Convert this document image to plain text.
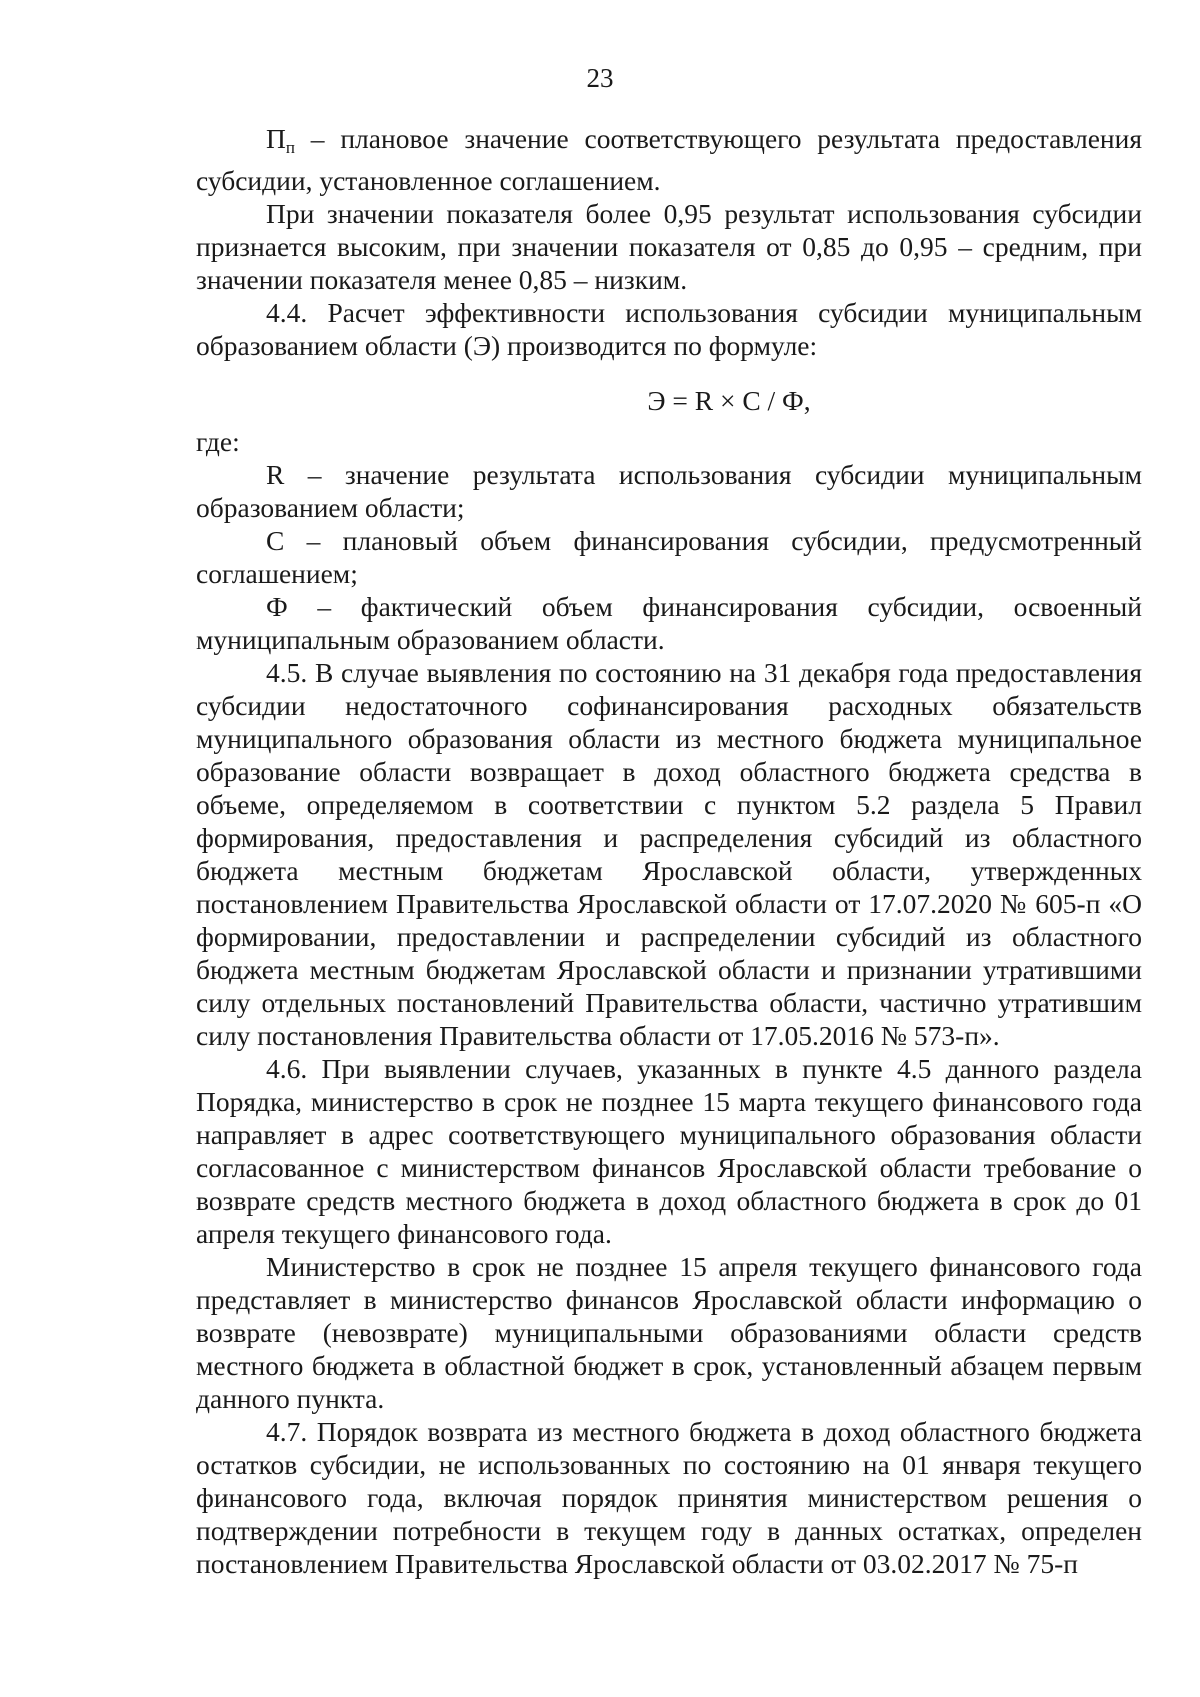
23

$П_п$ – плановое значение соответствующего результата предоставления субсидии, установленное соглашением.

При значении показателя более 0,95 результат использования субсидии признается высоким, при значении показателя от 0,85 до 0,95 – средним, при значении показателя менее 0,85 – низким.

4.4. Расчет эффективности использования субсидии муниципальным образованием области (Э) производится по формуле:

Э = R × C / Ф,

где:

R – значение результата использования субсидии муниципальным образованием области;

С – плановый объем финансирования субсидии, предусмотренный соглашением;

Ф – фактический объем финансирования субсидии, освоенный муниципальным образованием области.

4.5. В случае выявления по состоянию на 31 декабря года предоставления субсидии недостаточного софинансирования расходных обязательств муниципального образования области из местного бюджета муниципальное образование области возвращает в доход областного бюджета средства в объеме, определяемом в соответствии с пунктом 5.2 раздела 5 Правил формирования, предоставления и распределения субсидий из областного бюджета местным бюджетам Ярославской области, утвержденных постановлением Правительства Ярославской области от 17.07.2020 № 605-п «О формировании, предоставлении и распределении субсидий из областного бюджета местным бюджетам Ярославской области и признании утратившими силу отдельных постановлений Правительства области, частично утратившим силу постановления Правительства области от 17.05.2016 № 573-п».

4.6. При выявлении случаев, указанных в пункте 4.5 данного раздела Порядка, министерство в срок не позднее 15 марта текущего финансового года направляет в адрес соответствующего муниципального образования области согласованное с министерством финансов Ярославской области требование о возврате средств местного бюджета в доход областного бюджета в срок до 01 апреля текущего финансового года.

Министерство в срок не позднее 15 апреля текущего финансового года представляет в министерство финансов Ярославской области информацию о возврате (невозврате) муниципальными образованиями области средств местного бюджета в областной бюджет в срок, установленный абзацем первым данного пункта.

4.7. Порядок возврата из местного бюджета в доход областного бюджета остатков субсидии, не использованных по состоянию на 01 января текущего финансового года, включая порядок принятия министерством решения о подтверждении потребности в текущем году в данных остатках, определен постановлением Правительства Ярославской области от 03.02.2017 № 75-п
